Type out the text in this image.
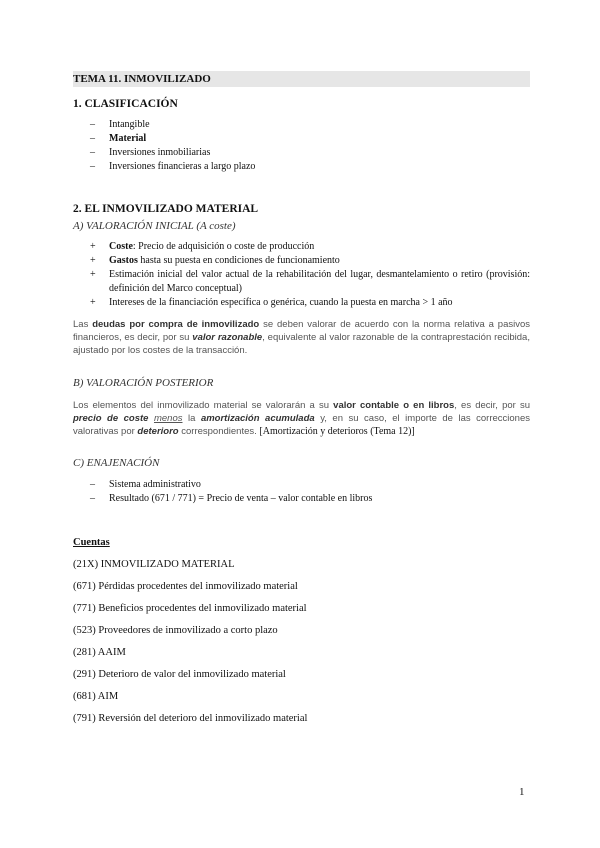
TEMA 11. INMOVILIZADO
1. CLASIFICACIÓN
– Intangible
– Material
– Inversiones inmobiliarias
– Inversiones financieras a largo plazo
2. EL INMOVILIZADO MATERIAL
A) VALORACIÓN INICIAL (A coste)
+ Coste: Precio de adquisición o coste de producción
+ Gastos hasta su puesta en condiciones de funcionamiento
+ Estimación inicial del valor actual de la rehabilitación del lugar, desmantelamiento o retiro (provisión: definición del Marco conceptual)
+ Intereses de la financiación específica o genérica, cuando la puesta en marcha > 1 año

Las deudas por compra de inmovilizado se deben valorar de acuerdo con la norma relativa a pasivos financieros, es decir, por su valor razonable, equivalente al valor razonable de la contraprestación recibida, ajustado por los costes de la transacción.

B) VALORACIÓN POSTERIOR

Los elementos del inmovilizado material se valorarán a su valor contable o en libros, es decir, por su precio de coste menos la amortización acumulada y, en su caso, el importe de las correcciones valorativas por deterioro correspondientes. [Amortización y deterioros (Tema 12)]

C) ENAJENACIÓN
– Sistema administrativo
– Resultado (671 / 771) = Precio de venta – valor contable en libros
Cuentas
(21X) INMOVILIZADO MATERIAL
(671) Pérdidas procedentes del inmovilizado material
(771) Beneficios procedentes del inmovilizado material
(523) Proveedores de inmovilizado a corto plazo
(281) AAIM
(291) Deterioro de valor del inmovilizado material
(681) AIM
(791) Reversión del deterioro del inmovilizado material
1
